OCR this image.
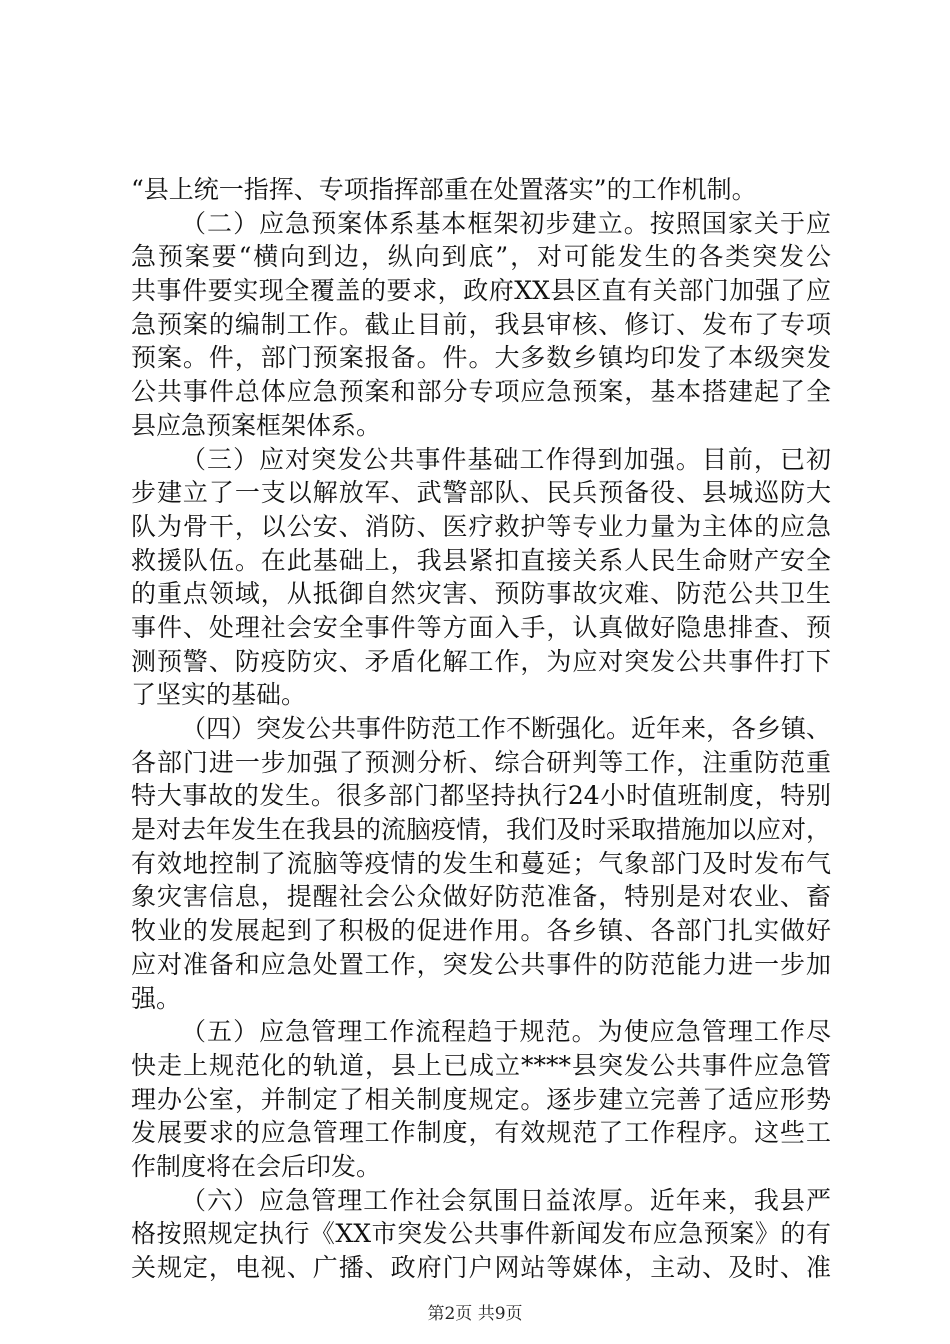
“县上统一指挥、专项指挥部重在处置落实”的工作机制。
（二）应急预案体系基本框架初步建立。按照国家关于应
急预案要“横向到边，纵向到底”，对可能发生的各类突发公
共事件要实现全覆盖的要求，政府XX县区直有关部门加强了应
急预案的编制工作。截止目前，我县审核、修订、发布了专项
预案。件，部门预案报备。件。大多数乡镇均印发了本级突发
公共事件总体应急预案和部分专项应急预案，基本搭建起了全
县应急预案框架体系。
（三）应对突发公共事件基础工作得到加强。目前，已初
步建立了一支以解放军、武警部队、民兵预备役、县城巡防大
队为骨干，以公安、消防、医疗救护等专业力量为主体的应急
救援队伍。在此基础上，我县紧扣直接关系人民生命财产安全
的重点领域，从抵御自然灾害、预防事故灾难、防范公共卫生
事件、处理社会安全事件等方面入手，认真做好隐患排查、预
测预警、防疫防灾、矛盾化解工作，为应对突发公共事件打下
了坚实的基础。
（四）突发公共事件防范工作不断强化。近年来，各乡镇、
各部门进一步加强了预测分析、综合研判等工作，注重防范重
特大事故的发生。很多部门都坚持执行24小时值班制度，特别
是对去年发生在我县的流脑疫情，我们及时采取措施加以应对，
有效地控制了流脑等疫情的发生和蔓延；气象部门及时发布气
象灾害信息，提醒社会公众做好防范准备，特别是对农业、畜
牧业的发展起到了积极的促进作用。各乡镇、各部门扎实做好
应对准备和应急处置工作，突发公共事件的防范能力进一步加
强。
（五）应急管理工作流程趋于规范。为使应急管理工作尽
快走上规范化的轨道，县上已成立****县突发公共事件应急管
理办公室，并制定了相关制度规定。逐步建立完善了适应形势
发展要求的应急管理工作制度，有效规范了工作程序。这些工
作制度将在会后印发。
（六）应急管理工作社会氛围日益浓厚。近年来，我县严
格按照规定执行《XX市突发公共事件新闻发布应急预案》的有
关规定，电视、广播、政府门户网站等媒体，主动、及时、准
第2页 共9页
